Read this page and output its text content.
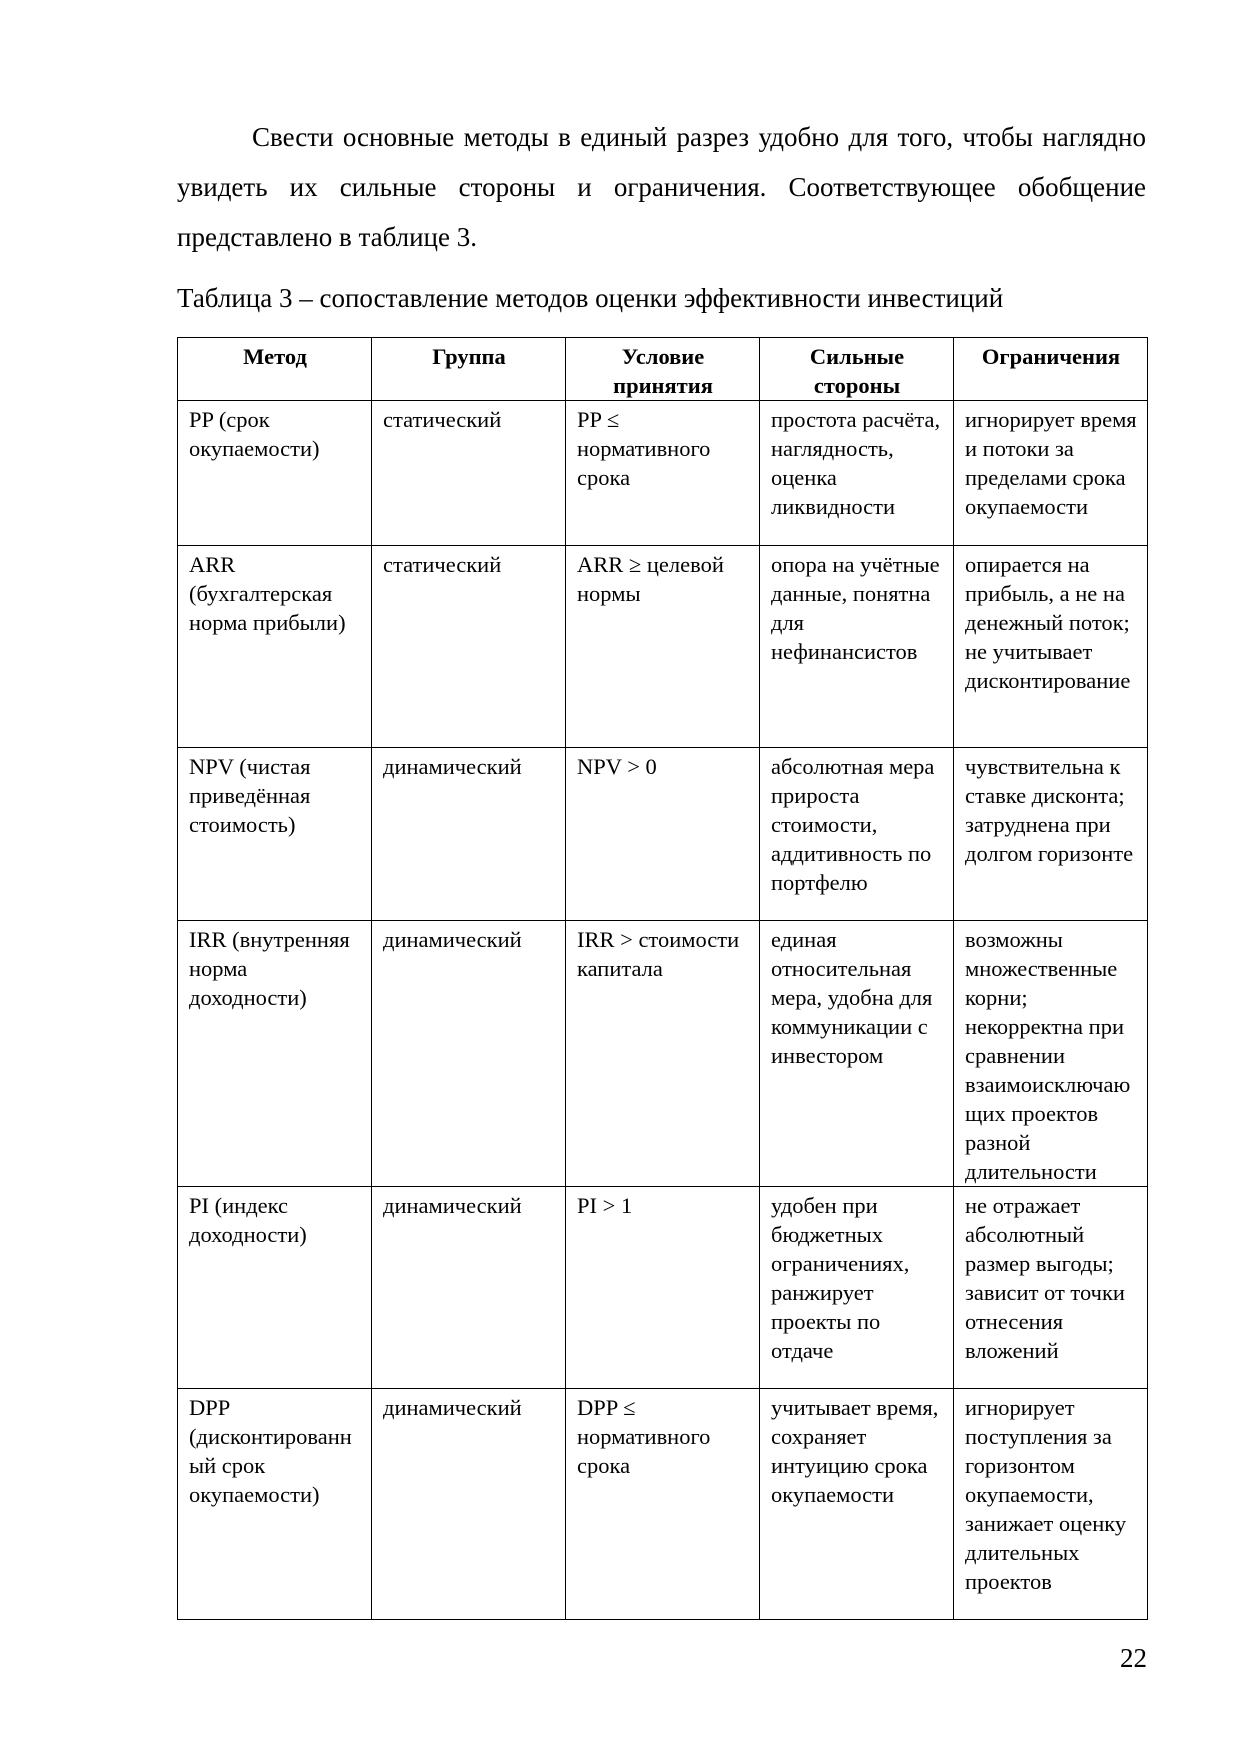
Свести основные методы в единый разрез удобно для того, чтобы наглядно увидеть их сильные стороны и ограничения. Соответствующее обобщение представлено в таблице 3.

Таблица 3 – сопоставление методов оценки эффективности инвестиций

Метод	Группа	Условие принятия	Сильные стороны	Ограничения
PP (срок окупаемости)	статический	PP ≤ нормативного срока	простота расчёта, наглядность, оценка ликвидности	игнорирует время и потоки за пределами срока окупаемости
ARR (бухгалтерская норма прибыли)	статический	ARR ≥ целевой нормы	опора на учётные данные, понятна для нефинансистов	опирается на прибыль, а не на денежный поток; не учитывает дисконтирование
NPV (чистая приведённая стоимость)	динамический	NPV > 0	абсолютная мера прироста стоимости, аддитивность по портфелю	чувствительна к ставке дисконта; затруднена при долгом горизонте
IRR (внутренняя норма доходности)	динамический	IRR > стоимости капитала	единая относительная мера, удобна для коммуникации с инвестором	возможны множественные корни; некорректна при сравнении взаимоисключающих проектов разной длительности
PI (индекс доходности)	динамический	PI > 1	удобен при бюджетных ограничениях, ранжирует проекты по отдаче	не отражает абсолютный размер выгоды; зависит от точки отнесения вложений
DPP (дисконтированный срок окупаемости)	динамический	DPP ≤ нормативного срока	учитывает время, сохраняет интуицию срока окупаемости	игнорирует поступления за горизонтом окупаемости, занижает оценку длительных проектов
22
